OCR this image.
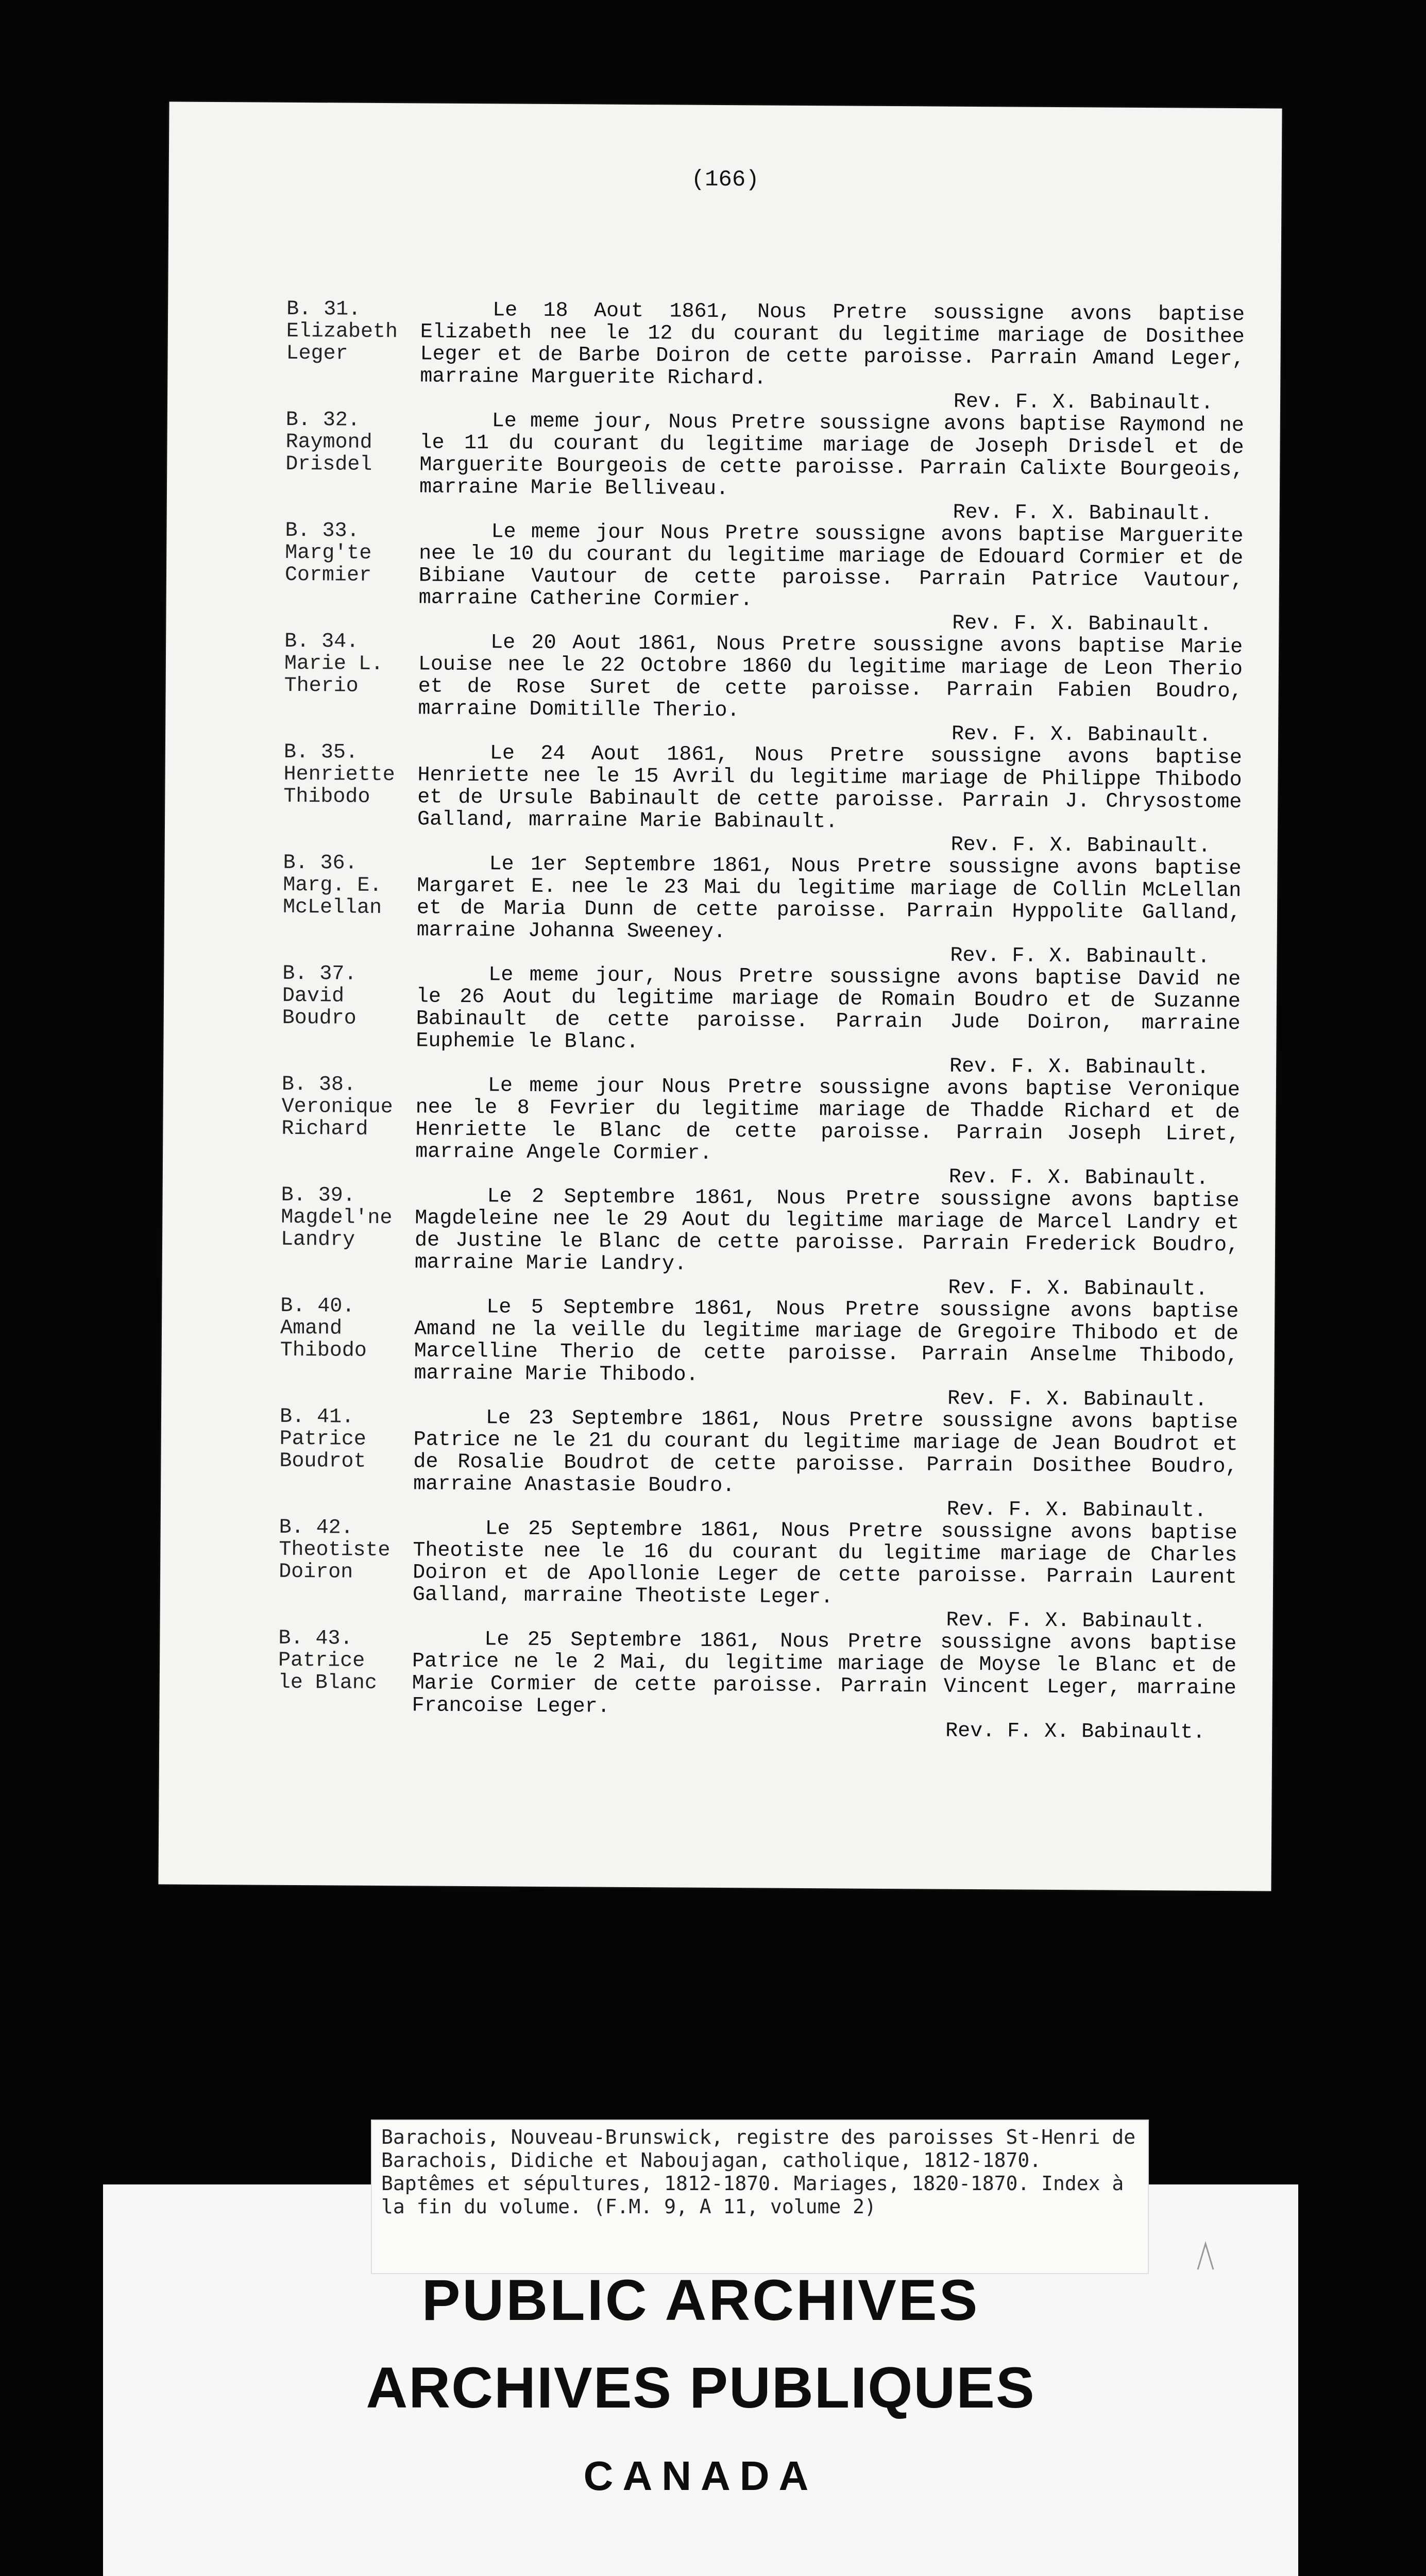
(166)
B. 31.
Elizabeth
Leger
Le 18 Aout 1861, Nous Pretre soussigne avons baptise Elizabeth nee le 12 du courant du legitime mariage de Dosithee Leger et de Barbe Doiron de cette paroisse. Parrain Amand Leger, marraine Marguerite Richard.
Rev. F. X. Babinault.
B. 32.
Raymond
Drisdel
Le meme jour, Nous Pretre soussigne avons baptise Raymond ne le 11 du courant du legitime mariage de Joseph Drisdel et de Marguerite Bourgeois de cette paroisse. Parrain Calixte Bourgeois, marraine Marie Belliveau.
Rev. F. X. Babinault.
B. 33.
Marg'te
Cormier
Le meme jour Nous Pretre soussigne avons baptise Marguerite nee le 10 du courant du legitime mariage de Edouard Cormier et de Bibiane Vautour de cette paroisse. Parrain Patrice Vautour, marraine Catherine Cormier.
Rev. F. X. Babinault.
B. 34.
Marie L.
Therio
Le 20 Aout 1861, Nous Pretre soussigne avons baptise Marie Louise nee le 22 Octobre 1860 du legitime mariage de Leon Therio et de Rose Suret de cette paroisse. Parrain Fabien Boudro, marraine Domitille Therio.
Rev. F. X. Babinault.
B. 35.
Henriette
Thibodo
Le 24 Aout 1861, Nous Pretre soussigne avons baptise Henriette nee le 15 Avril du legitime mariage de Philippe Thibodo et de Ursule Babinault de cette paroisse. Parrain J. Chrysostome Galland, marraine Marie Babinault.
Rev. F. X. Babinault.
B. 36.
Marg. E.
McLellan
Le 1er Septembre 1861, Nous Pretre soussigne avons baptise Margaret E. nee le 23 Mai du legitime mariage de Collin McLellan et de Maria Dunn de cette paroisse. Parrain Hyppolite Galland, marraine Johanna Sweeney.
Rev. F. X. Babinault.
B. 37.
David
Boudro
Le meme jour, Nous Pretre soussigne avons baptise David ne le 26 Aout du legitime mariage de Romain Boudro et de Suzanne Babinault de cette paroisse. Parrain Jude Doiron, marraine Euphemie le Blanc.
Rev. F. X. Babinault.
B. 38.
Veronique
Richard
Le meme jour Nous Pretre soussigne avons baptise Veronique nee le 8 Fevrier du legitime mariage de Thadde Richard et de Henriette le Blanc de cette paroisse. Parrain Joseph Liret, marraine Angele Cormier.
Rev. F. X. Babinault.
B. 39.
Magdel'ne
Landry
Le 2 Septembre 1861, Nous Pretre soussigne avons baptise Magdeleine nee le 29 Aout du legitime mariage de Marcel Landry et de Justine le Blanc de cette paroisse. Parrain Frederick Boudro, marraine Marie Landry.
Rev. F. X. Babinault.
B. 40.
Amand
Thibodo
Le 5 Septembre 1861, Nous Pretre soussigne avons baptise Amand ne la veille du legitime mariage de Gregoire Thibodo et de Marcelline Therio de cette paroisse. Parrain Anselme Thibodo, marraine Marie Thibodo.
Rev. F. X. Babinault.
B. 41.
Patrice
Boudrot
Le 23 Septembre 1861, Nous Pretre soussigne avons baptise Patrice ne le 21 du courant du legitime mariage de Jean Boudrot et de Rosalie Boudrot de cette paroisse. Parrain Dosithee Boudro, marraine Anastasie Boudro.
Rev. F. X. Babinault.
B. 42.
Theotiste
Doiron
Le 25 Septembre 1861, Nous Pretre soussigne avons baptise Theotiste nee le 16 du courant du legitime mariage de Charles Doiron et de Apollonie Leger de cette paroisse. Parrain Laurent Galland, marraine Theotiste Leger.
Rev. F. X. Babinault.
B. 43.
Patrice
le Blanc
Le 25 Septembre 1861, Nous Pretre soussigne avons baptise Patrice ne le 2 Mai, du legitime mariage de Moyse le Blanc et de Marie Cormier de cette paroisse. Parrain Vincent Leger, marraine Francoise Leger.
Rev. F. X. Babinault.
Barachois, Nouveau-Brunswick, registre des paroisses St-Henri de Barachois, Didiche et Naboujagan, catholique, 1812-1870. Baptêmes et sépultures, 1812-1870. Mariages, 1820-1870. Index à la fin du volume. (F.M. 9, A 11, volume 2)
PUBLIC ARCHIVES
ARCHIVES PUBLIQUES
CANADA
